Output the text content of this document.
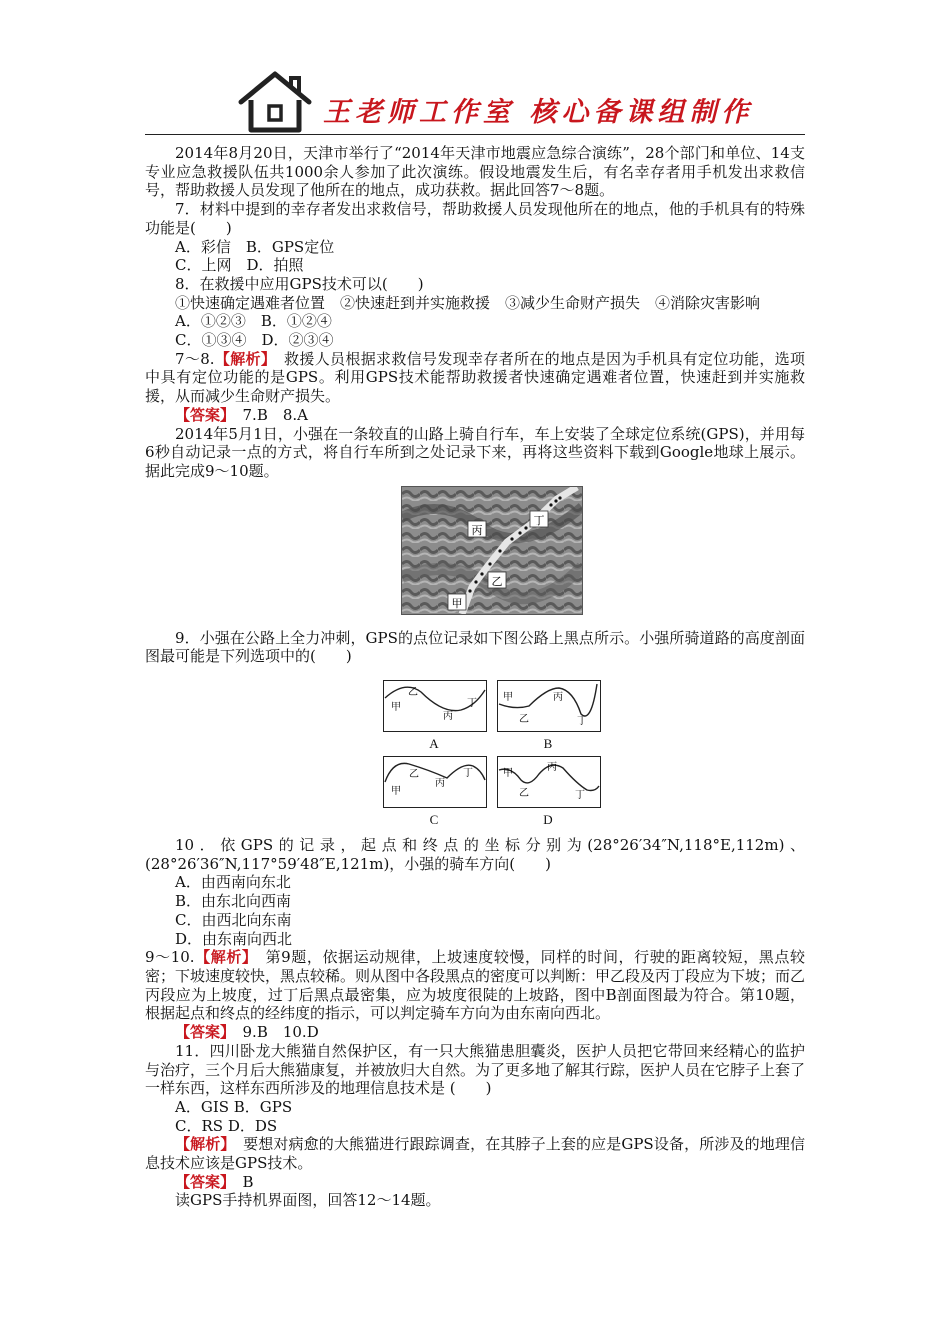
王老师工作室 核心备课组制作

2014年8月20日，天津市举行了“2014年天津市地震应急综合演练”，28个部门和单位、14支专业应急救援队伍共1000余人参加了此次演练。假设地震发生后，有名幸存者用手机发出求救信号，帮助救援人员发现了他所在的地点，成功获救。据此回答7～8题。

7．材料中提到的幸存者发出求救信号，帮助救援人员发现他所在的地点，他的手机具有的特殊功能是(　　)

A．彩信　B．GPS定位

C．上网　D．拍照

8．在救援中应用GPS技术可以(　　)

①快速确定遇难者位置　②快速赶到并实施救援　③减少生命财产损失　④消除灾害影响

A．①②③　B．①②④

C．①③④　D．②③④

7～8.【解析】　救援人员根据求救信号发现幸存者所在的地点是因为手机具有定位功能，选项中具有定位功能的是GPS。利用GPS技术能帮助救援者快速确定遇难者位置，快速赶到并实施救援，从而减少生命财产损失。

【答案】　7.B　8.A

2014年5月1日，小强在一条较直的山路上骑自行车，车上安装了全球定位系统(GPS)，并用每6秒自动记录一点的方式，将自行车所到之处记录下来，再将这些资料下载到Google地球上展示。据此完成9～10题。

丙
丁
乙
甲

9．小强在公路上全力冲刺，GPS的点位记录如下图公路上黑点所示。小强所骑道路的高度剖面图最可能是下列选项中的(　　)

甲
乙
丙
丁
A
甲
乙
丙
丁
B
甲
乙
丙
丁
C
甲
乙
丙
丁
D

10．依GPS的记录，起点和终点的坐标分别为(28°26′34″N,118°E,112m)、(28°26′36″N,117°59′48″E,121m)，小强的骑车方向(　　)

A．由西南向东北

B．由东北向西南

C．由西北向东南

D．由东南向西北

9～10.【解析】　第9题，依据运动规律，上坡速度较慢，同样的时间，行驶的距离较短，黑点较密；下坡速度较快，黑点较稀。则从图中各段黑点的密度可以判断：甲乙段及丙丁段应为下坡；而乙丙段应为上坡度，过丁后黑点最密集，应为坡度很陡的上坡路，图中B剖面图最为符合。第10题，根据起点和终点的经纬度的指示，可以判定骑车方向为由东南向西北。

【答案】　9.B　10.D

11．四川卧龙大熊猫自然保护区，有一只大熊猫患胆囊炎，医护人员把它带回来经精心的监护与治疗，三个月后大熊猫康复，并被放归大自然。为了更多地了解其行踪，医护人员在它脖子上套了一样东西，这样东西所涉及的地理信息技术是 (　　)

A．GIS B．GPS

C．RS D．DS

【解析】　要想对病愈的大熊猫进行跟踪调查，在其脖子上套的应是GPS设备，所涉及的地理信息技术应该是GPS技术。

【答案】　B

读GPS手持机界面图，回答12～14题。
